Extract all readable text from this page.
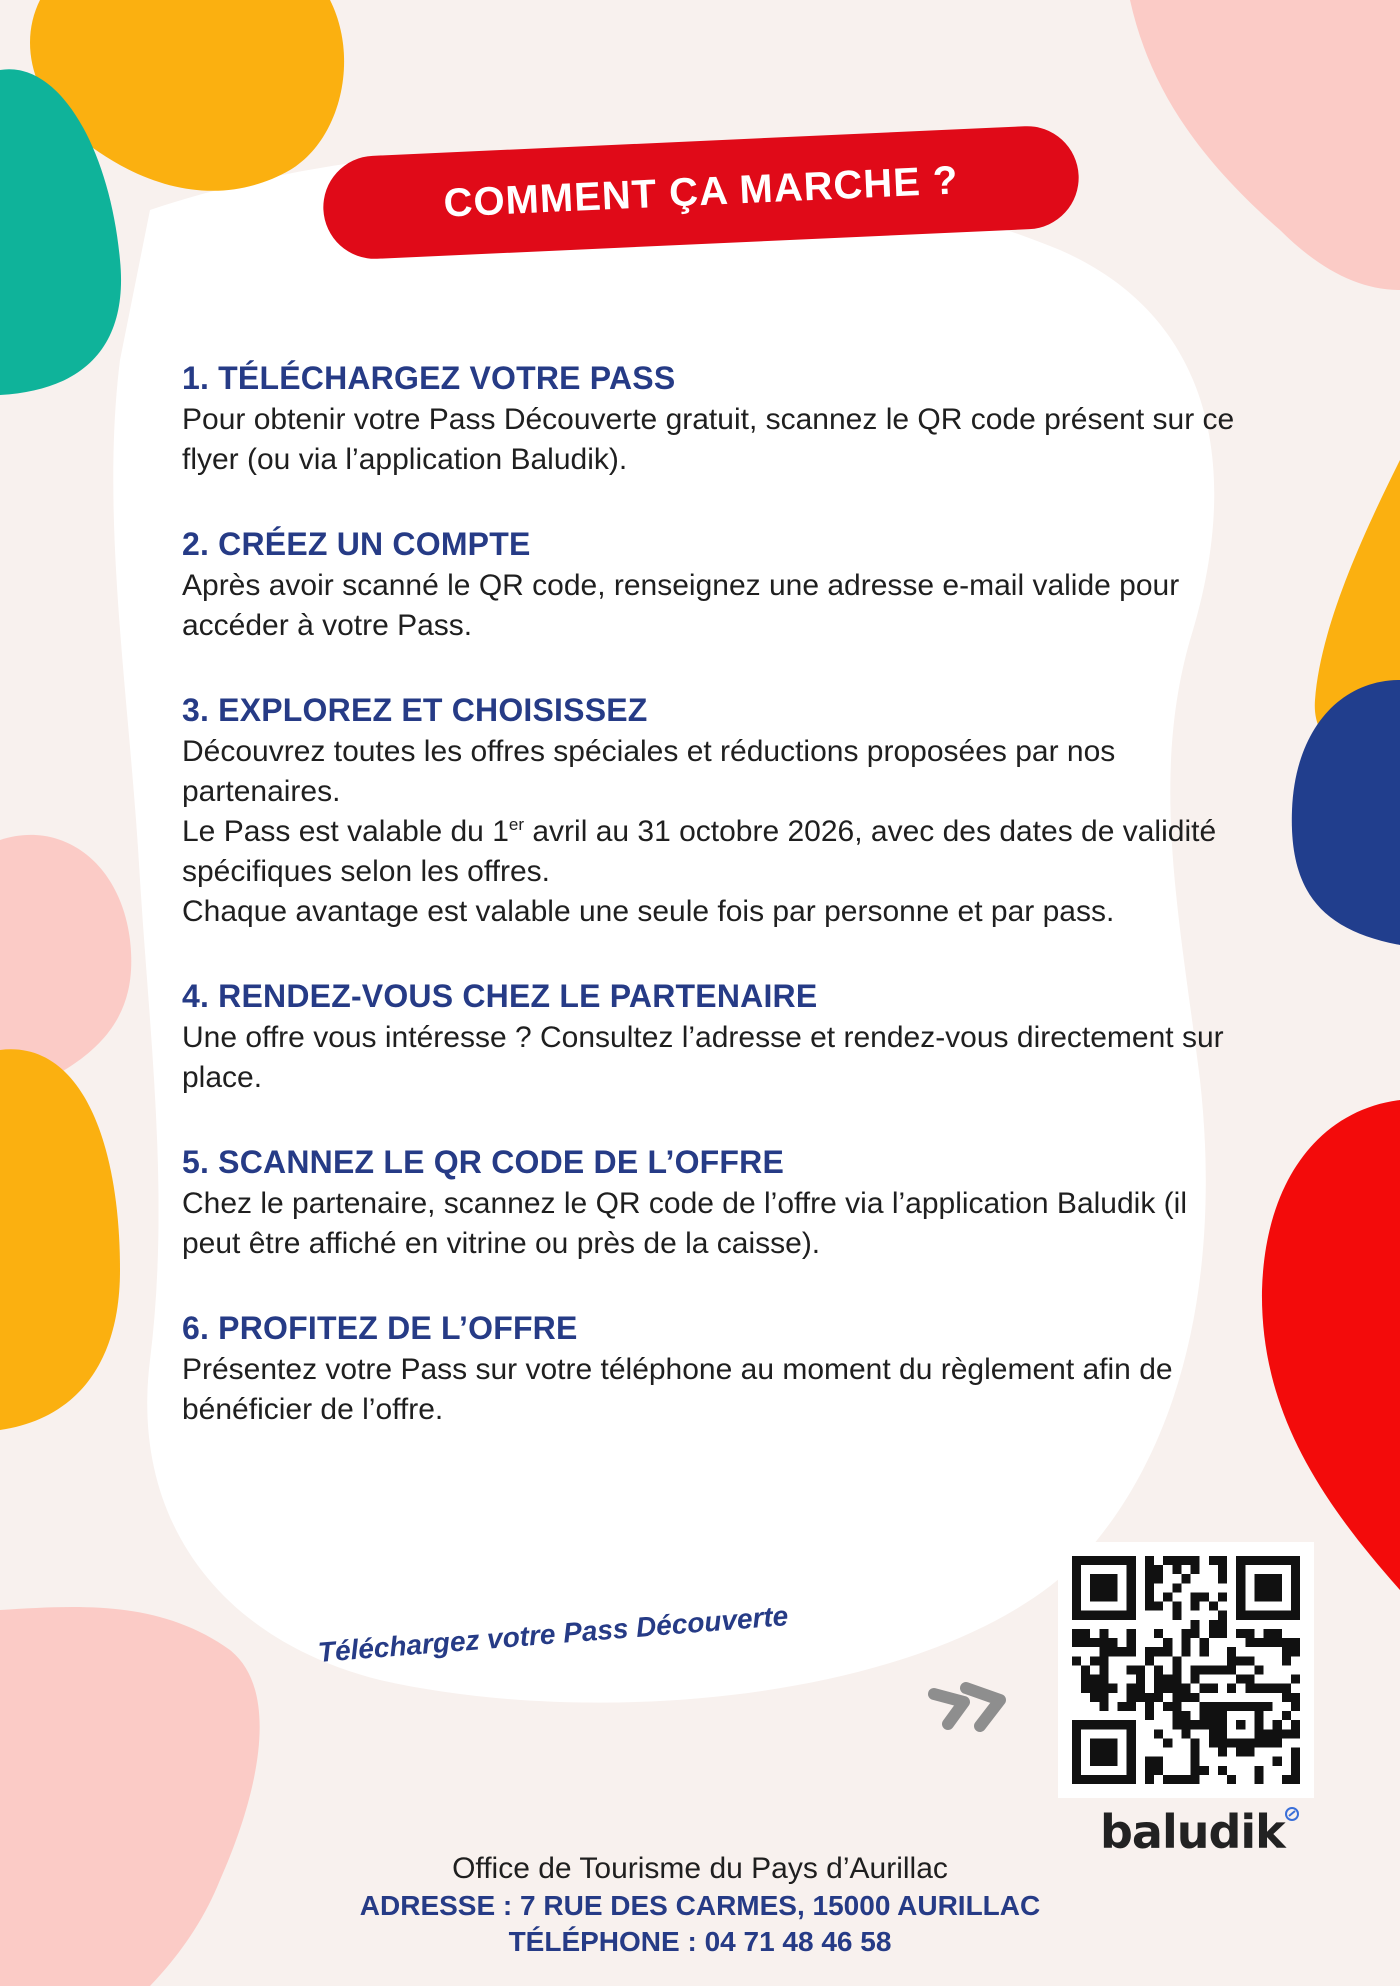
COMMENT ÇA MARCHE ?
1. TÉLÉCHARGEZ VOTRE PASS

Pour obtenir votre Pass Découverte gratuit, scannez le QR code présent sur ce flyer (ou via l’application Baludik).

2. CRÉEZ UN COMPTE

Après avoir scanné le QR code, renseignez une adresse e-mail valide pour accéder à votre Pass.

3. EXPLOREZ ET CHOISISSEZ

Découvrez toutes les offres spéciales et réductions proposées par nos partenaires.

Le Pass est valable du 1er avril au 31 octobre 2026, avec des dates de validité spécifiques selon les offres.

Chaque avantage est valable une seule fois par personne et par pass.

4. RENDEZ-VOUS CHEZ LE PARTENAIRE

Une offre vous intéresse ? Consultez l’adresse et rendez-vous directement sur place.

5. SCANNEZ LE QR CODE DE L’OFFRE

Chez le partenaire, scannez le QR code de l’offre via l’application Baludik (il peut être affiché en vitrine ou près de la caisse).

6. PROFITEZ DE L’OFFRE

Présentez votre Pass sur votre téléphone au moment du règlement afin de bénéficier de l’offre.

Téléchargez votre Pass Découverte
baludik
Office de Tourisme du Pays d’Aurillac
ADRESSE : 7 RUE DES CARMES, 15000 AURILLAC
TÉLÉPHONE : 04 71 48 46 58
